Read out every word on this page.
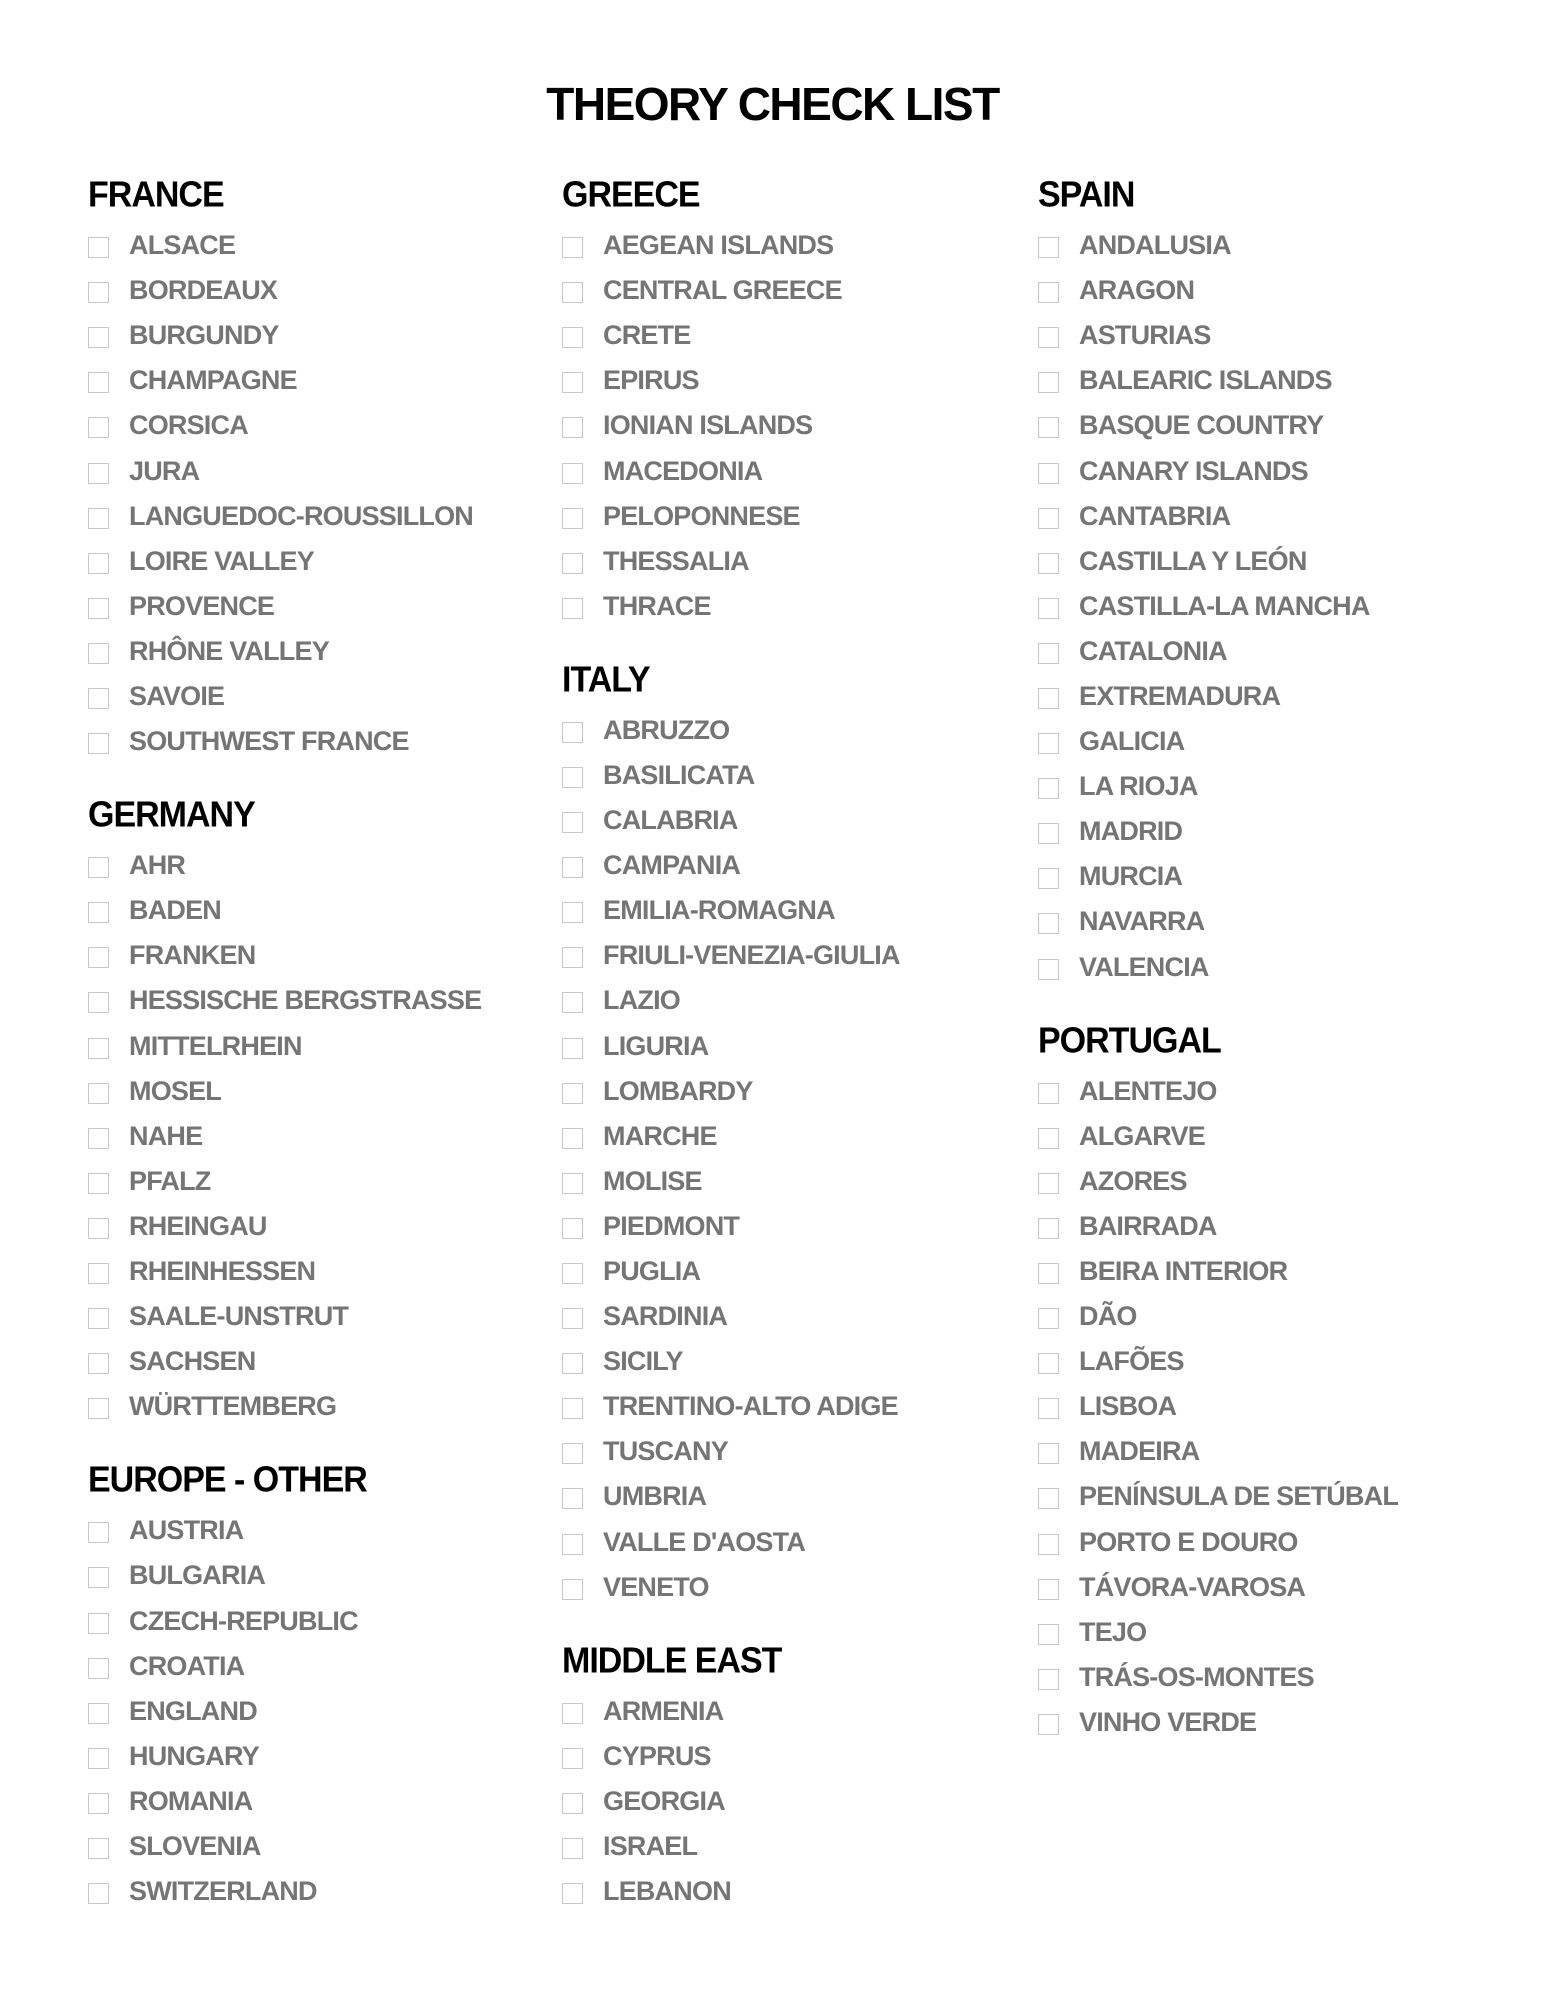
THEORY CHECK LIST
FRANCE
ALSACE
BORDEAUX
BURGUNDY
CHAMPAGNE
CORSICA
JURA
LANGUEDOC-ROUSSILLON
LOIRE VALLEY
PROVENCE
RHÔNE VALLEY
SAVOIE
SOUTHWEST FRANCE
GERMANY
AHR
BADEN
FRANKEN
HESSISCHE BERGSTRASSE
MITTELRHEIN
MOSEL
NAHE
PFALZ
RHEINGAU
RHEINHESSEN
SAALE-UNSTRUT
SACHSEN
WÜRTTEMBERG
EUROPE - OTHER
AUSTRIA
BULGARIA
CZECH-REPUBLIC
CROATIA
ENGLAND
HUNGARY
ROMANIA
SLOVENIA
SWITZERLAND
GREECE
AEGEAN ISLANDS
CENTRAL GREECE
CRETE
EPIRUS
IONIAN ISLANDS
MACEDONIA
PELOPONNESE
THESSALIA
THRACE
ITALY
ABRUZZO
BASILICATA
CALABRIA
CAMPANIA
EMILIA-ROMAGNA
FRIULI-VENEZIA-GIULIA
LAZIO
LIGURIA
LOMBARDY
MARCHE
MOLISE
PIEDMONT
PUGLIA
SARDINIA
SICILY
TRENTINO-ALTO ADIGE
TUSCANY
UMBRIA
VALLE D'AOSTA
VENETO
MIDDLE EAST
ARMENIA
CYPRUS
GEORGIA
ISRAEL
LEBANON
SPAIN
ANDALUSIA
ARAGON
ASTURIAS
BALEARIC ISLANDS
BASQUE COUNTRY
CANARY ISLANDS
CANTABRIA
CASTILLA Y LEÓN
CASTILLA-LA MANCHA
CATALONIA
EXTREMADURA
GALICIA
LA RIOJA
MADRID
MURCIA
NAVARRA
VALENCIA
PORTUGAL
ALENTEJO
ALGARVE
AZORES
BAIRRADA
BEIRA INTERIOR
DÃO
LAFÕES
LISBOA
MADEIRA
PENÍNSULA DE SETÚBAL
PORTO E DOURO
TÁVORA-VAROSA
TEJO
TRÁS-OS-MONTES
VINHO VERDE
